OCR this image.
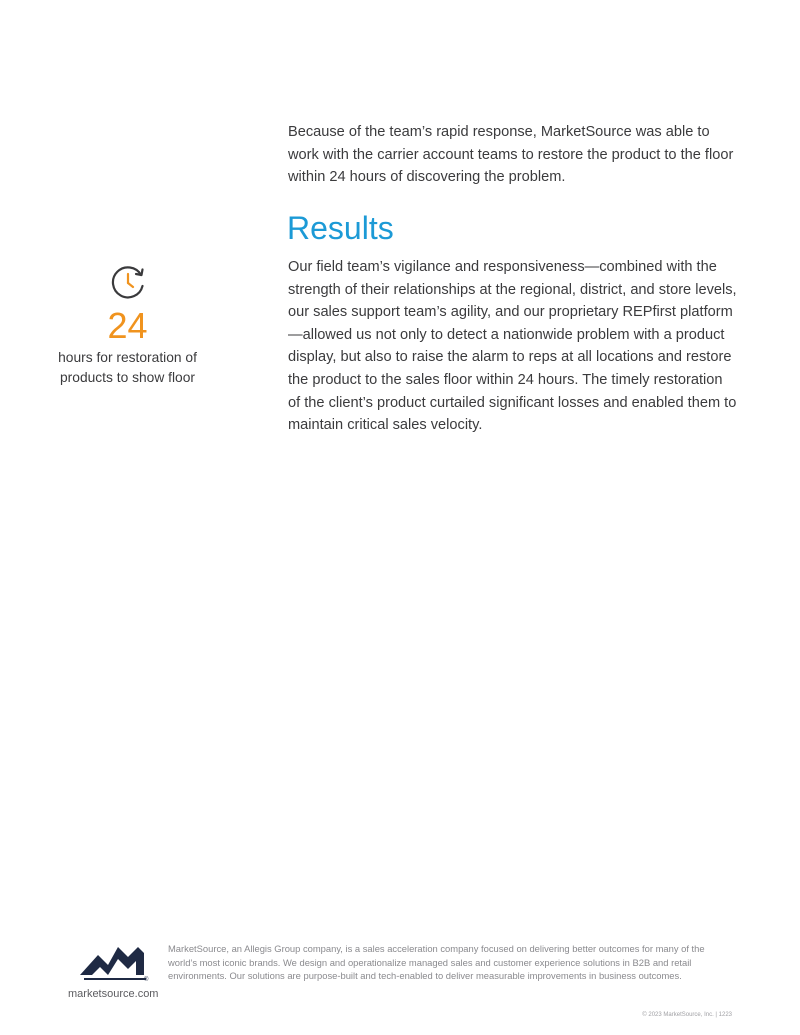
Because of the team’s rapid response, MarketSource was able to work with the carrier account teams to restore the product to the floor within 24 hours of discovering the problem.

Results

Our field team’s vigilance and responsiveness—combined with the strength of their relationships at the regional, district, and store levels, our sales support team’s agility, and our proprietary REPfirst platform—allowed us not only to detect a nationwide problem with a product display, but also to raise the alarm to reps at all locations and restore the product to the sales floor within 24 hours. The timely restoration of the client’s product curtailed significant losses and enabled them to maintain critical sales velocity.

24
hours for restoration of products to show floor
®
marketsource.com

MarketSource, an Allegis Group company, is a sales acceleration company focused on delivering better outcomes for many of the world’s most iconic brands. We design and operationalize managed sales and customer experience solutions in B2B and retail environments. Our solutions are purpose-built and tech-enabled to deliver measurable improvements in business outcomes.

© 2023 MarketSource, Inc. | 1223
